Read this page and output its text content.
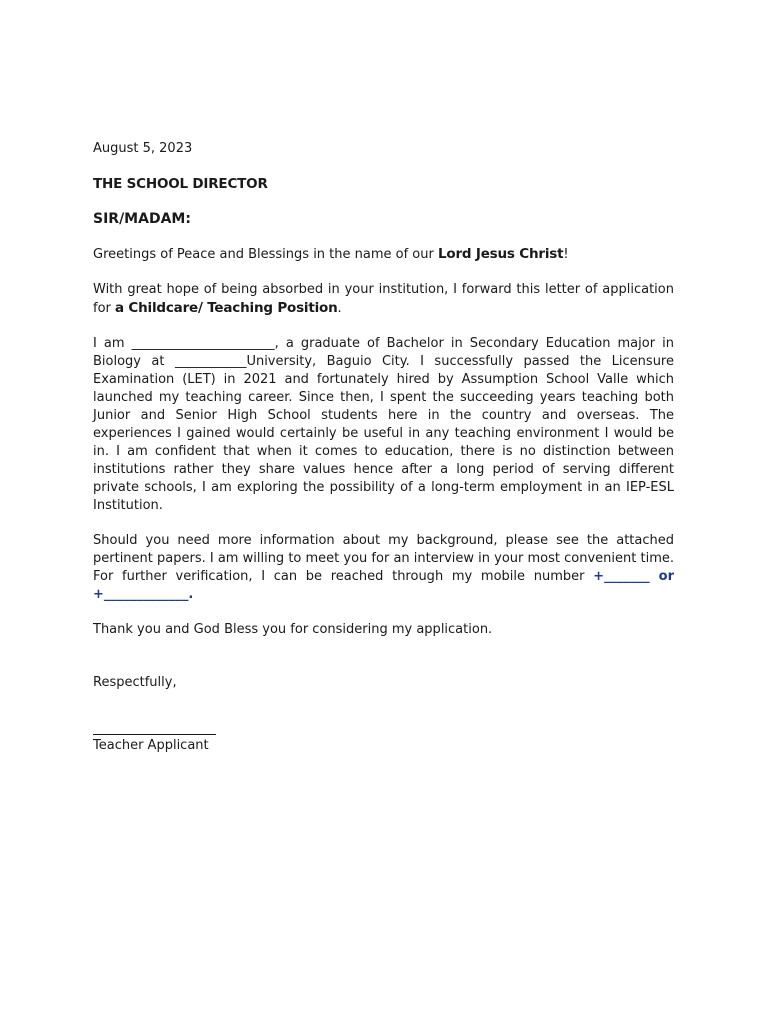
August 5, 2023
THE SCHOOL DIRECTOR
SIR/MADAM:

Greetings of Peace and Blessings in the name of our Lord Jesus Christ!

With great hope of being absorbed in your institution, I forward this letter of application for a Childcare/ Teaching Position.

I am ______________________, a graduate of Bachelor in Secondary Education major in Biology at ___________University, Baguio City. I successfully passed the Licensure Examination (LET) in 2021 and fortunately hired by Assumption School Valle which launched my teaching career. Since then, I spent the succeeding years teaching both Junior and Senior High School students here in the country and overseas. The experiences I gained would certainly be useful in any teaching environment I would be in. I am confident that when it comes to education, there is no distinction between institutions rather they share values hence after a long period of serving different private schools, I am exploring the possibility of a long-term employment in an IEP-ESL Institution.

Should you need more information about my background, please see the attached pertinent papers. I am willing to meet you for an interview in your most convenient time. For further verification, I can be reached through my mobile number +_______ or +_____________.

Thank you and God Bless you for considering my application.

Respectfully,
Teacher Applicant
